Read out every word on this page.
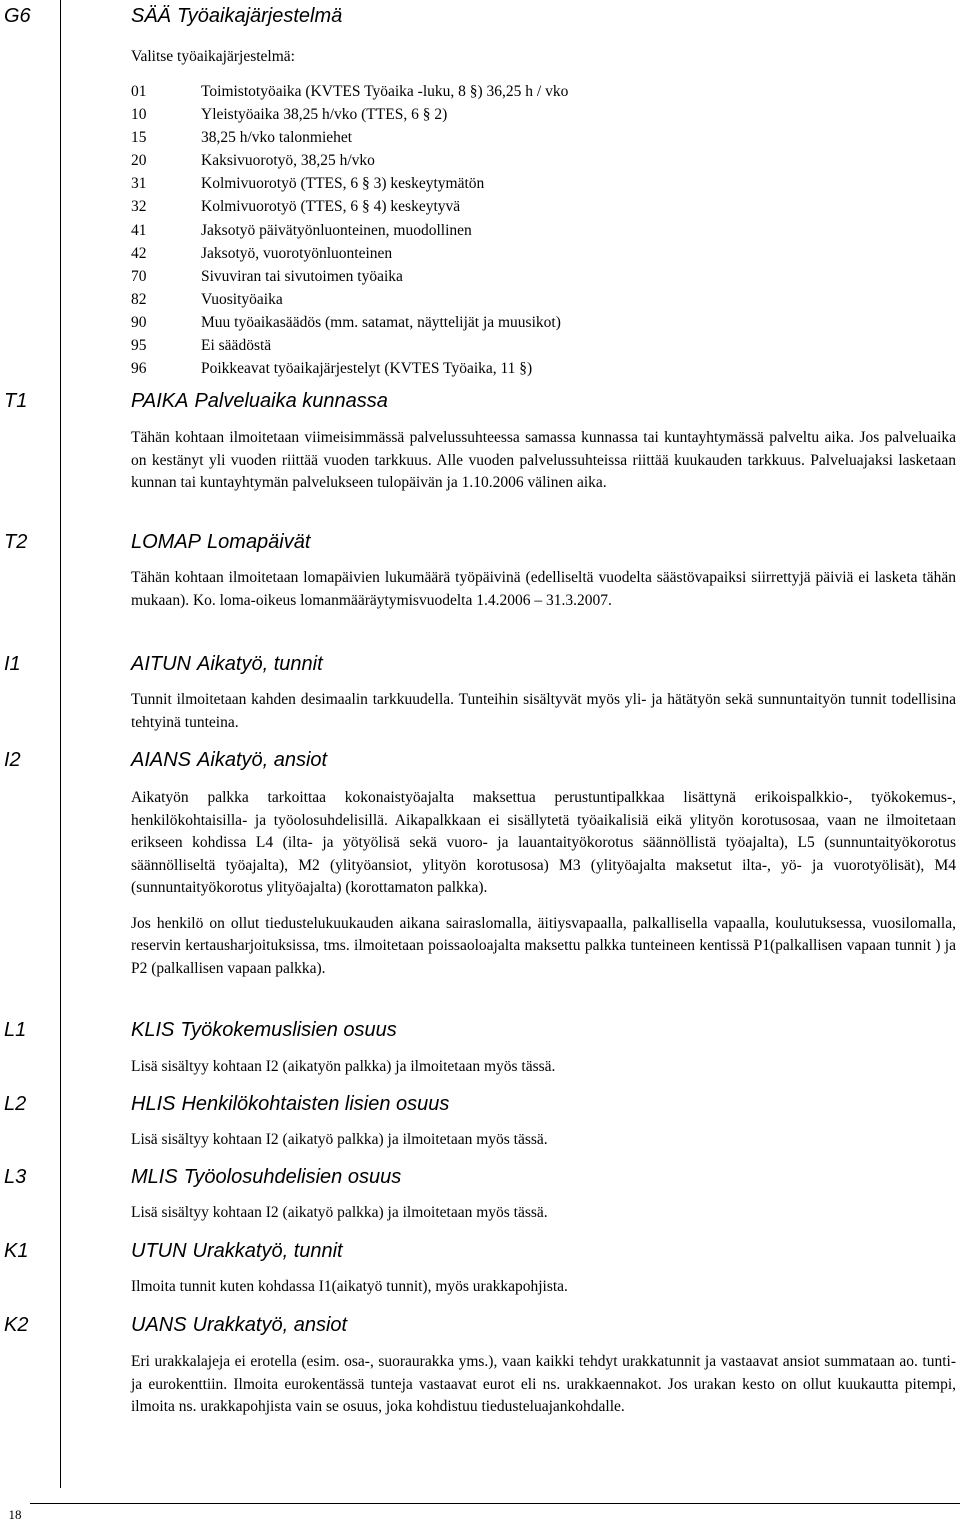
G6	SÄÄ Työaikajärjestelmä
Valitse työaikajärjestelmä:
01	Toimistotyöaika (KVTES Työaika -luku, 8 §) 36,25 h / vko
10	Yleistyöaika 38,25 h/vko (TTES, 6 § 2)
15	38,25 h/vko talonmiehet
20	Kaksivuorotyö, 38,25 h/vko
31	Kolmivuorotyö (TTES, 6 § 3) keskeytymätön
32	Kolmivuorotyö (TTES, 6 § 4) keskeytyvä
41	Jaksotyö päivätyönluonteinen, muodollinen
42	Jaksotyö, vuorotyönluonteinen
70	Sivuviran tai sivutoimen työaika
82	Vuosityöaika
90	Muu työaikasäädös (mm. satamat, näyttelijät ja muusikot)
95	Ei säädöstä
96	Poikkeavat työaikajärjestelyt (KVTES Työaika, 11 §)
T1	PAIKA Palveluaika kunnassa

Tähän kohtaan ilmoitetaan viimeisimmässä palvelussuhteessa samassa kunnassa tai kuntayhtymässä palveltu aika. Jos palveluaika on kestänyt yli vuoden riittää vuoden tarkkuus. Alle vuoden palvelussuhteissa riittää kuukauden tarkkuus. Palveluajaksi lasketaan kunnan tai kuntayhtymän palvelukseen tulopäivän ja 1.10.2006 välinen aika.

T2	LOMAP Lomapäivät

Tähän kohtaan ilmoitetaan lomapäivien lukumäärä työpäivinä (edelliseltä vuodelta säästövapaiksi siirrettyjä päiviä ei lasketa tähän mukaan). Ko. loma-oikeus lomanmääräytymisvuodelta 1.4.2006 – 31.3.2007.

I1	AITUN Aikatyö, tunnit

Tunnit ilmoitetaan kahden desimaalin tarkkuudella. Tunteihin sisältyvät myös yli- ja hätätyön sekä sunnuntaityön tunnit todellisina tehtyinä tunteina.

I2	AIANS Aikatyö, ansiot

Aikatyön palkka tarkoittaa kokonaistyöajalta maksettua perustuntipalkkaa lisättynä erikoispalkkio-, työkokemus-, henkilökohtaisilla- ja työolosuhdelisillä. Aikapalkkaan ei sisällytetä työaikalisiä eikä ylityön korotusosaa, vaan ne ilmoitetaan erikseen kohdissa L4 (ilta- ja yötyölisä sekä vuoro- ja lauantaityökorotus säännöllistä työajalta), L5 (sunnuntaityökorotus säännölliseltä työajalta), M2 (ylityöansiot, ylityön korotusosa) M3 (ylityöajalta maksetut ilta-, yö- ja vuorotyölisät), M4 (sunnuntaityökorotus ylityöajalta) (korottamaton palkka).

Jos henkilö on ollut tiedustelukuukauden aikana sairaslomalla, äitiysvapaalla, palkallisella vapaalla, koulutuksessa, vuosilomalla, reservin kertausharjoituksissa, tms. ilmoitetaan poissaoloajalta maksettu palkka tunteineen kentissä P1(palkallisen vapaan tunnit ) ja P2 (palkallisen vapaan palkka).

L1	KLIS Työkokemuslisien osuus

Lisä sisältyy kohtaan I2 (aikatyön palkka) ja ilmoitetaan myös tässä.

L2	HLIS Henkilökohtaisten lisien osuus

Lisä sisältyy kohtaan I2 (aikatyö palkka) ja ilmoitetaan myös tässä.

L3	MLIS Työolosuhdelisien osuus

Lisä sisältyy kohtaan I2 (aikatyö palkka) ja ilmoitetaan myös tässä.

K1	UTUN Urakkatyö, tunnit

Ilmoita tunnit kuten kohdassa I1(aikatyö tunnit), myös urakkapohjista.

K2	UANS Urakkatyö, ansiot

Eri urakkalajeja ei erotella (esim. osa-, suoraurakka yms.), vaan kaikki tehdyt urakkatunnit ja vastaavat ansiot summataan ao. tunti- ja eurokenttiin. Ilmoita eurokentässä tunteja vastaavat eurot eli ns. urakkaennakot. Jos urakan kesto on ollut kuukautta pitempi, ilmoita ns. urakkapohjista vain se osuus, joka kohdistuu tiedusteluajankohdalle.

18
